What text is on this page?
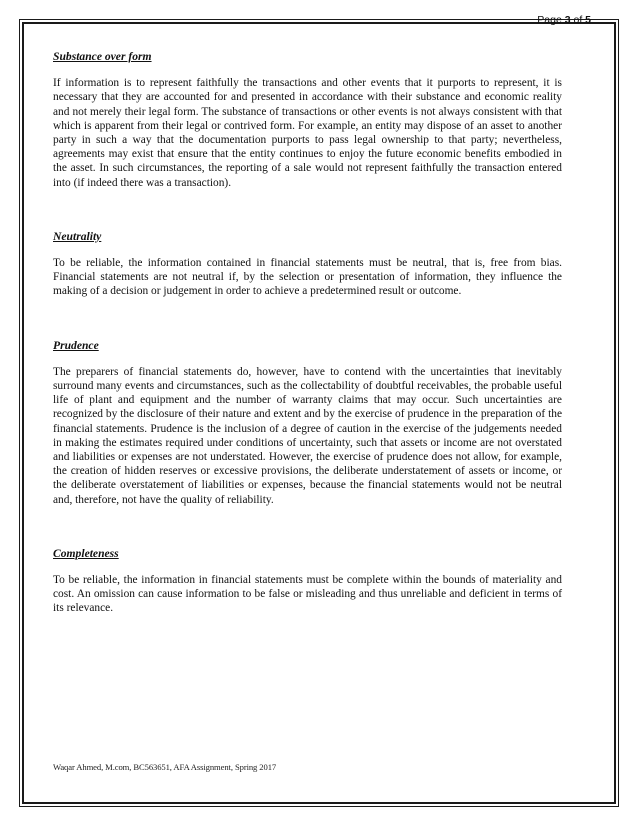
Page 3 of 5

Substance over form

If information is to represent faithfully the transactions and other events that it purports to represent, it is necessary that they are accounted for and presented in accordance with their substance and economic reality and not merely their legal form. The substance of transactions or other events is not always consistent with that which is apparent from their legal or contrived form. For example, an entity may dispose of an asset to another party in such a way that the documentation purports to pass legal ownership to that party; nevertheless, agreements may exist that ensure that the entity continues to enjoy the future economic benefits embodied in the asset. In such circumstances, the reporting of a sale would not represent faithfully the transaction entered into (if indeed there was a transaction).

Neutrality

To be reliable, the information contained in financial statements must be neutral, that is, free from bias. Financial statements are not neutral if, by the selection or presentation of information, they influence the making of a decision or judgement in order to achieve a predetermined result or outcome.

Prudence

The preparers of financial statements do, however, have to contend with the uncertainties that inevitably surround many events and circumstances, such as the collectability of doubtful receivables, the probable useful life of plant and equipment and the number of warranty claims that may occur. Such uncertainties are recognized by the disclosure of their nature and extent and by the exercise of prudence in the preparation of the financial statements. Prudence is the inclusion of a degree of caution in the exercise of the judgements needed in making the estimates required under conditions of uncertainty, such that assets or income are not overstated and liabilities or expenses are not understated. However, the exercise of prudence does not allow, for example, the creation of hidden reserves or excessive provisions, the deliberate understatement of assets or income, or the deliberate overstatement of liabilities or expenses, because the financial statements would not be neutral and, therefore, not have the quality of reliability.

Completeness

To be reliable, the information in financial statements must be complete within the bounds of materiality and cost. An omission can cause information to be false or misleading and thus unreliable and deficient in terms of its relevance.

Waqar Ahmed, M.com, BC563651, AFA Assignment, Spring 2017
